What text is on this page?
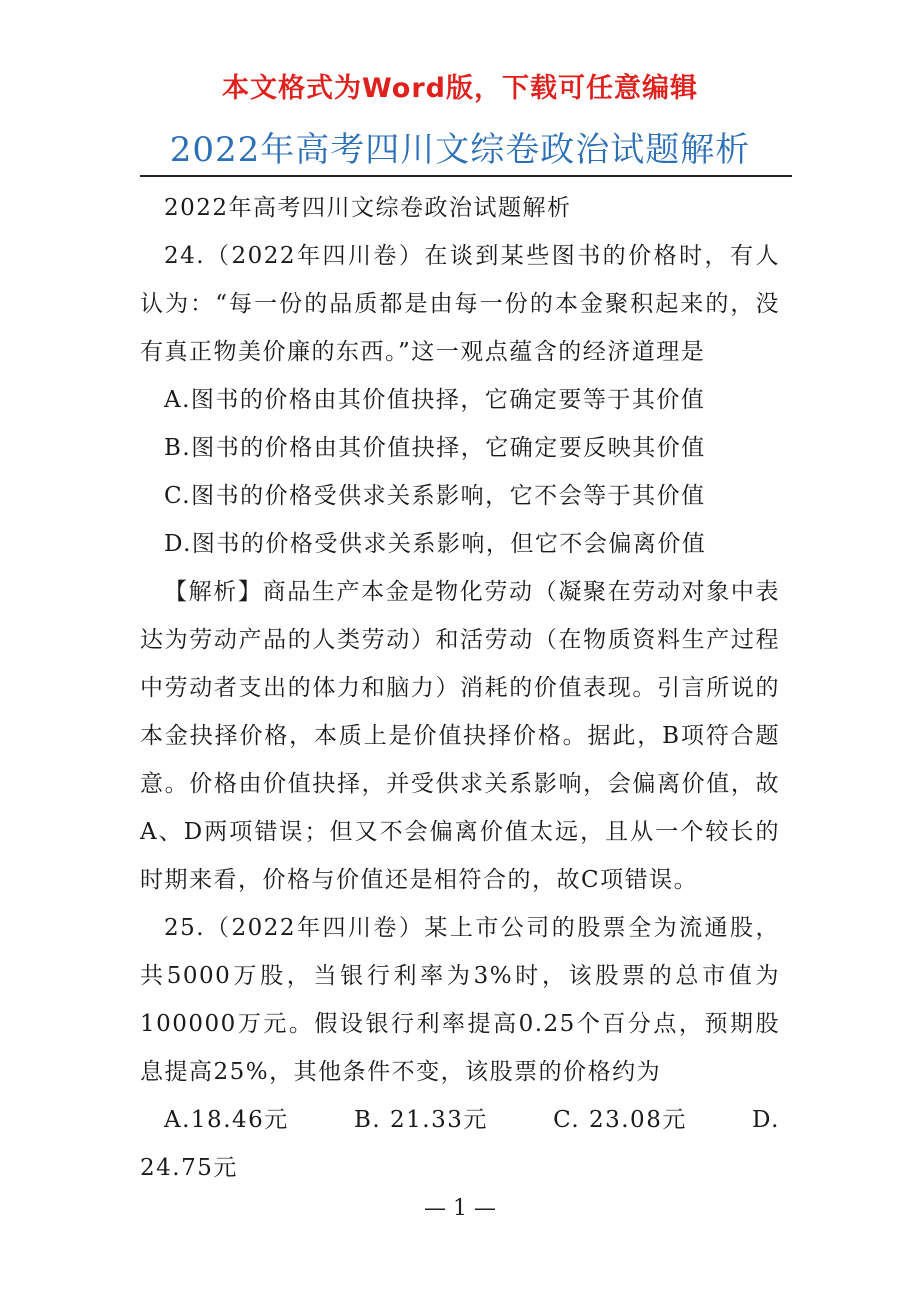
本文格式为Word版，下载可任意编辑
2022年高考四川文综卷政治试题解析

2022年高考四川文综卷政治试题解析

24.（2022年四川卷）在谈到某些图书的价格时，有人认为：“每一份的品质都是由每一份的本金聚积起来的，没有真正物美价廉的东西。”这一观点蕴含的经济道理是

A.图书的价格由其价值抉择，它确定要等于其价值

B.图书的价格由其价值抉择，它确定要反映其价值

C.图书的价格受供求关系影响，它不会等于其价值

D.图书的价格受供求关系影响，但它不会偏离价值

【解析】商品生产本金是物化劳动（凝聚在劳动对象中表达为劳动产品的人类劳动）和活劳动（在物质资料生产过程中劳动者支出的体力和脑力）消耗的价值表现。引言所说的本金抉择价格，本质上是价值抉择价格。据此，B项符合题意。价格由价值抉择，并受供求关系影响，会偏离价值，故A、D两项错误；但又不会偏离价值太远，且从一个较长的时期来看，价格与价值还是相符合的，故C项错误。

25.（2022年四川卷）某上市公司的股票全为流通股，共5000万股，当银行利率为3%时，该股票的总市值为100000万元。假设银行利率提高0.25个百分点，预期股息提高25%，其他条件不变，该股票的价格约为

A.18.46元	B. 21.33元	C. 23.08元	D.

24.75元

— 1 —
